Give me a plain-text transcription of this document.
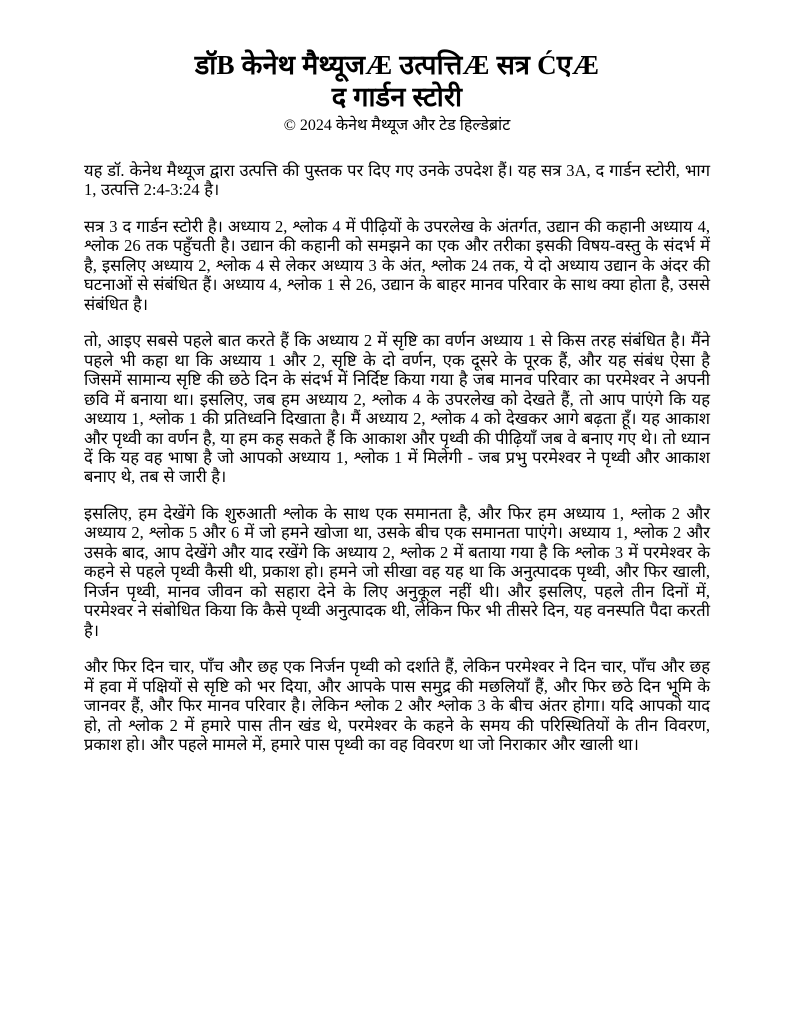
डॉB केनेथ मैथ्यूजÆ उत्पत्तिÆ सत्र ĆएÆ
द गार्डन स्टोरी
© 2024 केनेथ मैथ्यूज और टेड हिल्डेब्रांट

यह डॉ. केनेथ मैथ्यूज द्वारा उत्पत्ति की पुस्तक पर दिए गए उनके उपदेश हैं। यह सत्र 3A, द गार्डन स्टोरी, भाग 1, उत्पत्ति 2:4-3:24 है।

सत्र 3 द गार्डन स्टोरी है। अध्याय 2, श्लोक 4 में पीढ़ियों के उपरलेख के अंतर्गत, उद्यान की कहानी अध्याय 4, श्लोक 26 तक पहुँचती है। उद्यान की कहानी को समझने का एक और तरीका इसकी विषय-वस्तु के संदर्भ में है, इसलिए अध्याय 2, श्लोक 4 से लेकर अध्याय 3 के अंत, श्लोक 24 तक, ये दो अध्याय उद्यान के अंदर की घटनाओं से संबंधित हैं। अध्याय 4, श्लोक 1 से 26, उद्यान के बाहर मानव परिवार के साथ क्या होता है, उससे संबंधित है।

तो, आइए सबसे पहले बात करते हैं कि अध्याय 2 में सृष्टि का वर्णन अध्याय 1 से किस तरह संबंधित है। मैंने पहले भी कहा था कि अध्याय 1 और 2, सृष्टि के दो वर्णन, एक दूसरे के पूरक हैं, और यह संबंध ऐसा है जिसमें सामान्य सृष्टि की छठे दिन के संदर्भ में निर्दिष्ट किया गया है जब मानव परिवार का परमेश्वर ने अपनी छवि में बनाया था। इसलिए, जब हम अध्याय 2, श्लोक 4 के उपरलेख को देखते हैं, तो आप पाएंगे कि यह अध्याय 1, श्लोक 1 की प्रतिध्वनि दिखाता है। मैं अध्याय 2, श्लोक 4 को देखकर आगे बढ़ता हूँ। यह आकाश और पृथ्वी का वर्णन है, या हम कह सकते हैं कि आकाश और पृथ्वी की पीढ़ियाँ जब वे बनाए गए थे। तो ध्यान दें कि यह वह भाषा है जो आपको अध्याय 1, श्लोक 1 में मिलेगी - जब प्रभु परमेश्वर ने पृथ्वी और आकाश बनाए थे, तब से जारी है।

इसलिए, हम देखेंगे कि शुरुआती श्लोक के साथ एक समानता है, और फिर हम अध्याय 1, श्लोक 2 और अध्याय 2, श्लोक 5 और 6 में जो हमने खोजा था, उसके बीच एक समानता पाएंगे। अध्याय 1, श्लोक 2 और उसके बाद, आप देखेंगे और याद रखेंगे कि अध्याय 2, श्लोक 2 में बताया गया है कि श्लोक 3 में परमेश्वर के कहने से पहले पृथ्वी कैसी थी, प्रकाश हो। हमने जो सीखा वह यह था कि अनुत्पादक पृथ्वी, और फिर खाली, निर्जन पृथ्वी, मानव जीवन को सहारा देने के लिए अनुकूल नहीं थी। और इसलिए, पहले तीन दिनों में, परमेश्वर ने संबोधित किया कि कैसे पृथ्वी अनुत्पादक थी, लेकिन फिर भी तीसरे दिन, यह वनस्पति पैदा करती है।

और फिर दिन चार, पाँच और छह एक निर्जन पृथ्वी को दर्शाते हैं, लेकिन परमेश्वर ने दिन चार, पाँच और छह में हवा में पक्षियों से सृष्टि को भर दिया, और आपके पास समुद्र की मछलियाँ हैं, और फिर छठे दिन भूमि के जानवर हैं, और फिर मानव परिवार है। लेकिन श्लोक 2 और श्लोक 3 के बीच अंतर होगा। यदि आपको याद हो, तो श्लोक 2 में हमारे पास तीन खंड थे, परमेश्वर के कहने के समय की परिस्थितियों के तीन विवरण, प्रकाश हो। और पहले मामले में, हमारे पास पृथ्वी का वह विवरण था जो निराकार और खाली था।
